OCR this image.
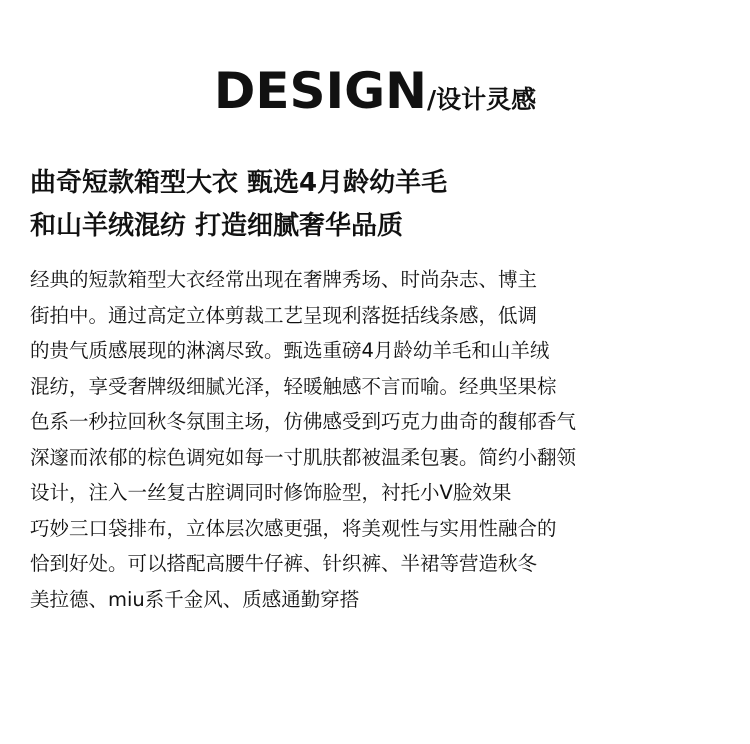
DESIGN/设计灵感
曲奇短款箱型大衣 甄选4月龄幼羊毛
和山羊绒混纺 打造细腻奢华品质
经典的短款箱型大衣经常出现在奢牌秀场、时尚杂志、博主
街拍中。通过高定立体剪裁工艺呈现利落挺括线条感，低调
的贵气质感展现的淋漓尽致。甄选重磅4月龄幼羊毛和山羊绒
混纺，享受奢牌级细腻光泽，轻暖触感不言而喻。经典坚果棕
色系一秒拉回秋冬氛围主场，仿佛感受到巧克力曲奇的馥郁香气
深邃而浓郁的棕色调宛如每一寸肌肤都被温柔包裹。简约小翻领
设计，注入一丝复古腔调同时修饰脸型，衬托小V脸效果
巧妙三口袋排布，立体层次感更强，将美观性与实用性融合的
恰到好处。可以搭配高腰牛仔裤、针织裤、半裙等营造秋冬
美拉德、miu系千金风、质感通勤穿搭
